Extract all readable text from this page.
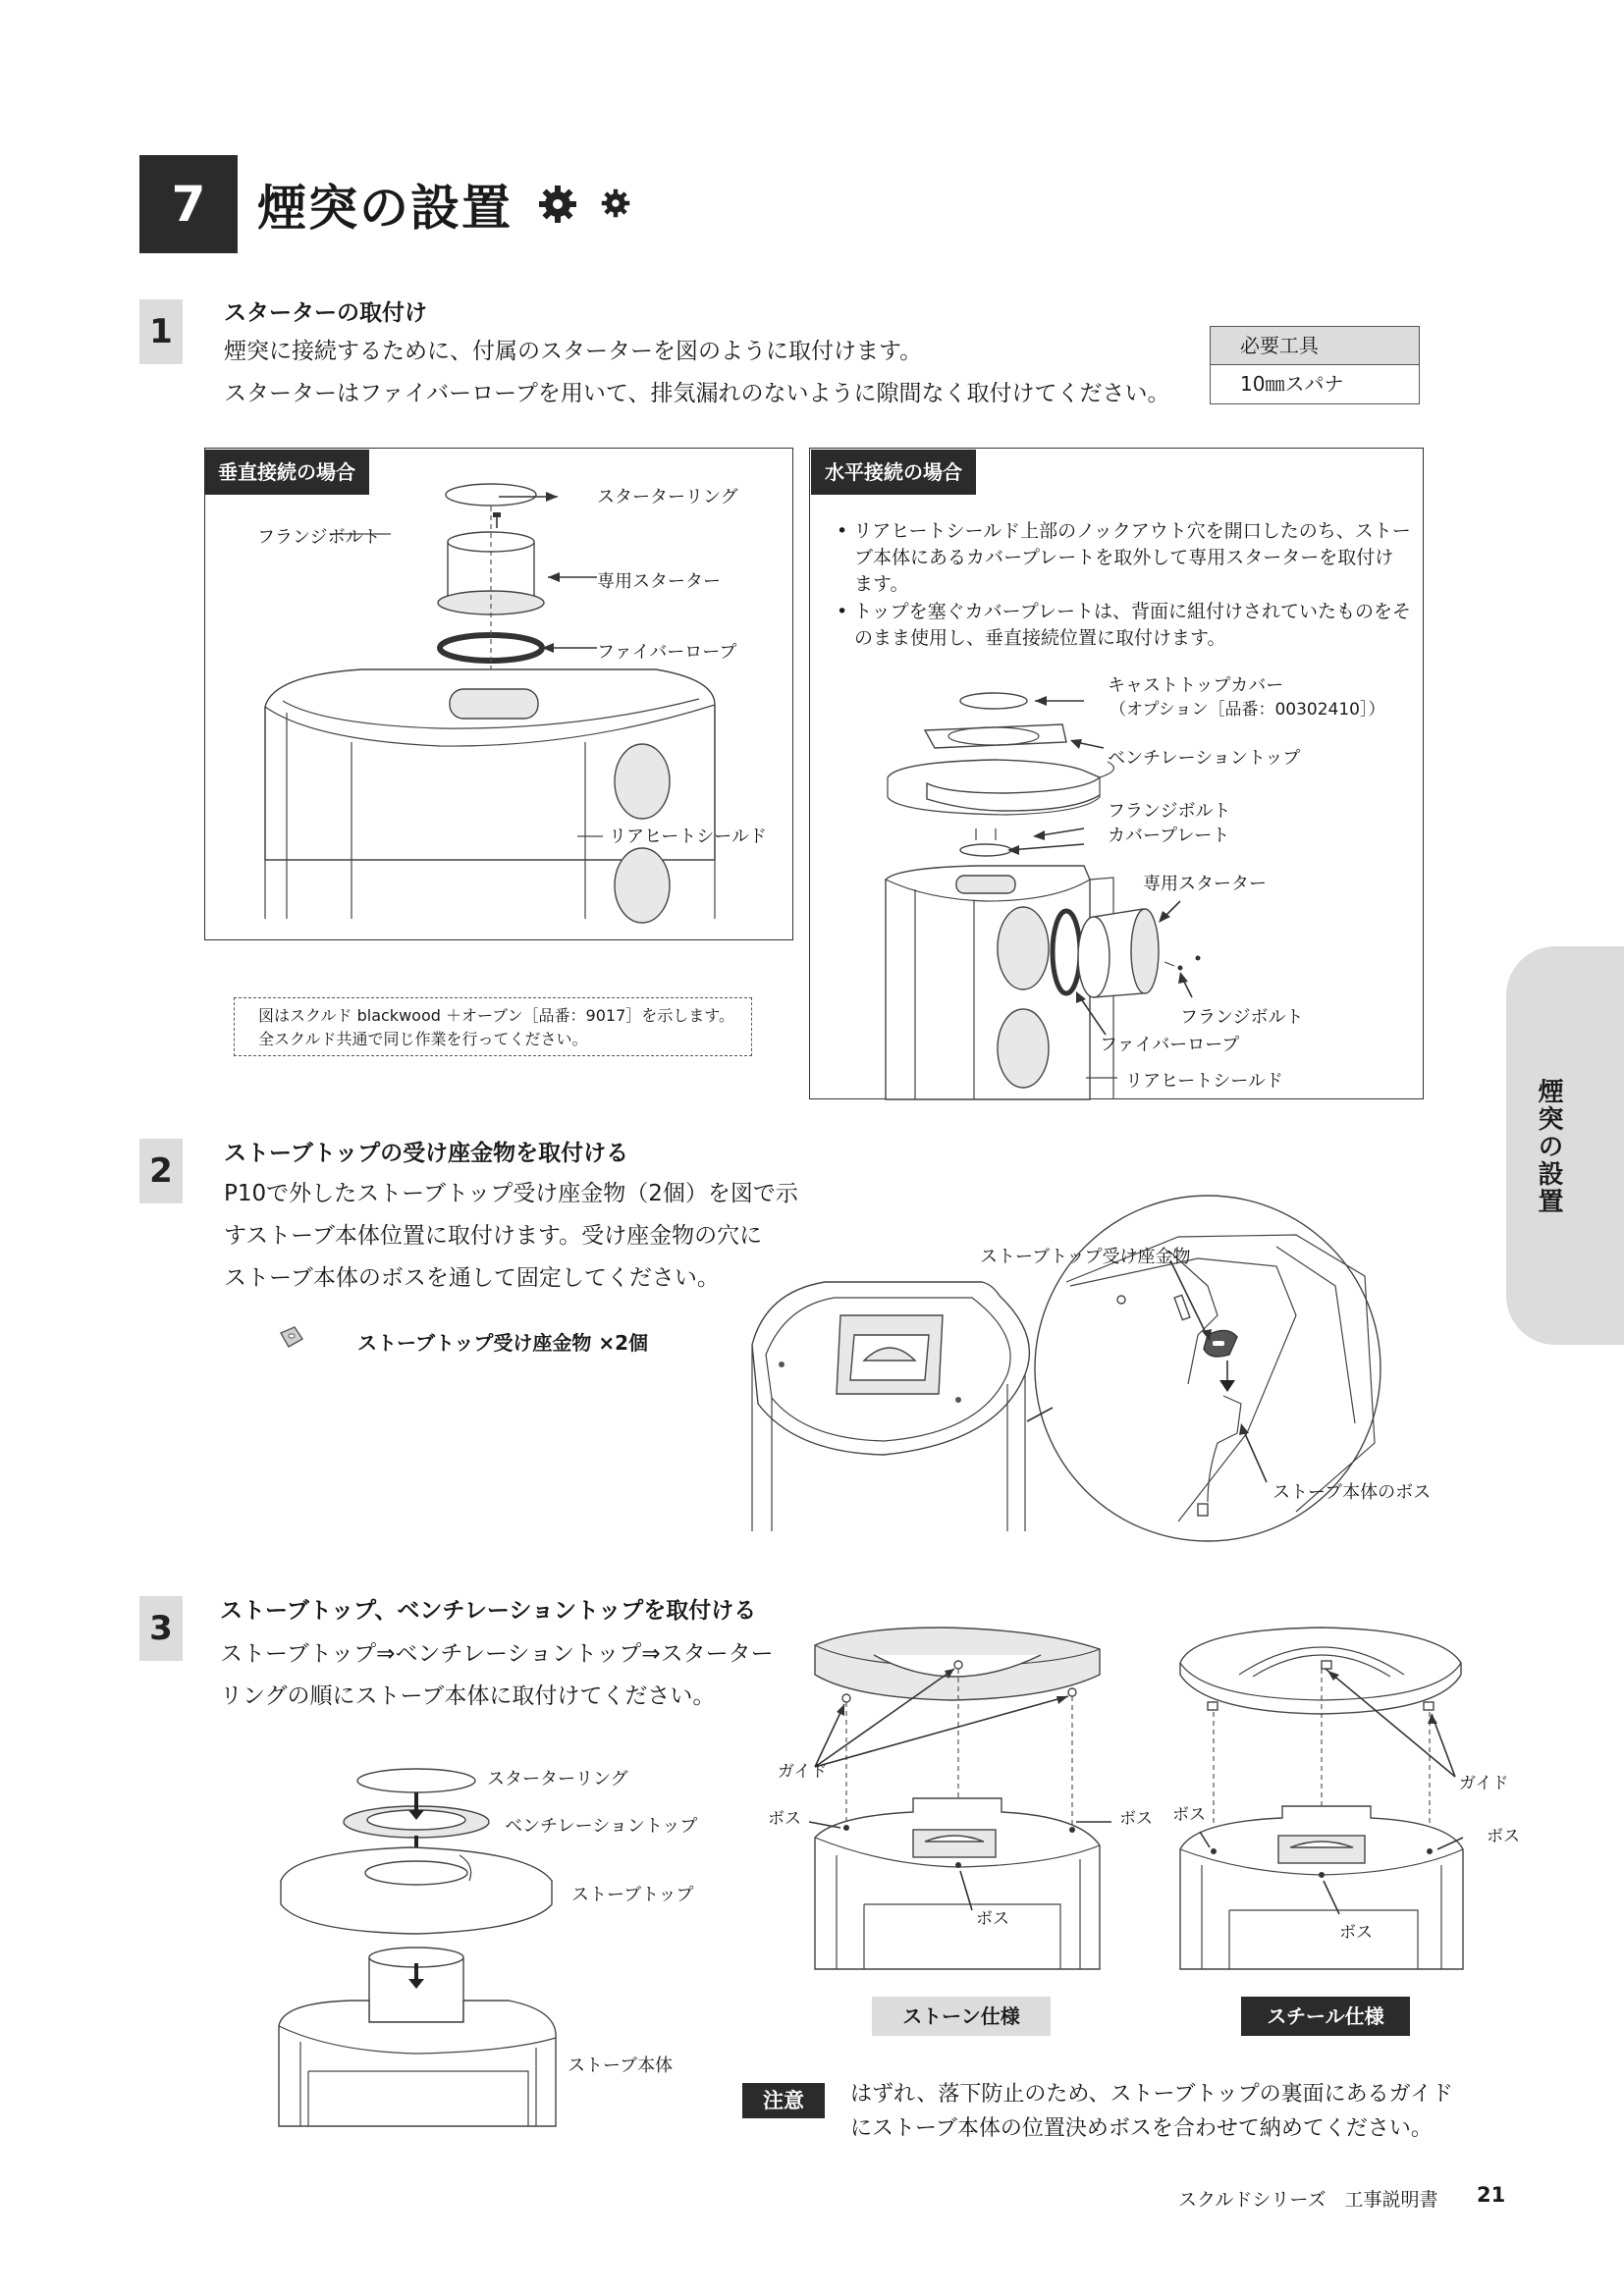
7	煙突の設置
1	スターターの取付け
煙突に接続するために、付属のスターターを図のように取付けます。
スターターはファイバーロープを用いて、排気漏れのないように隙間なく取付けてください。
必要工具
10㎜スパナ
垂直接続の場合
スターターリング
フランジボルト
専用スターター
ファイバーロープ
リアヒートシールド
図はスクルド blackwood ＋オーブン［品番：9017］を示します。
全スクルド共通で同じ作業を行ってください。
水平接続の場合
• リアヒートシールド上部のノックアウト穴を開口したのち、ストーブ本体にあるカバープレートを取外して専用スターターを取付けます。
• トップを塞ぐカバープレートは、背面に組付けされていたものをそのまま使用し、垂直接続位置に取付けます。
キャストトップカバー
（オプション［品番：00302410］）
ベンチレーショントップ
フランジボルト
カバープレート
専用スターター
フランジボルト
ファイバーロープ
リアヒートシールド
2	ストーブトップの受け座金物を取付ける
P10で外したストーブトップ受け座金物（2個）を図で示
すストーブ本体位置に取付けます。受け座金物の穴に
ストーブ本体のボスを通して固定してください。
ストーブトップ受け座金物 ×2個
ストーブトップ受け座金物
ストーブ本体のボス
3	ストーブトップ、ベンチレーショントップを取付ける
ストーブトップ⇒ベンチレーショントップ⇒スターター
リングの順にストーブ本体に取付けてください。
スターターリング
ベンチレーショントップ
ストーブトップ
ストーブ本体
ガイド
ボス	ボス
ボス
ガイド
ボス
ボス
ボス
ストーン仕様	スチール仕様
注意	はずれ、落下防止のため、ストーブトップの裏面にあるガイド
にストーブ本体の位置決めボスを合わせて納めてください。
煙突の設置
スクルドシリーズ　工事説明書 21
